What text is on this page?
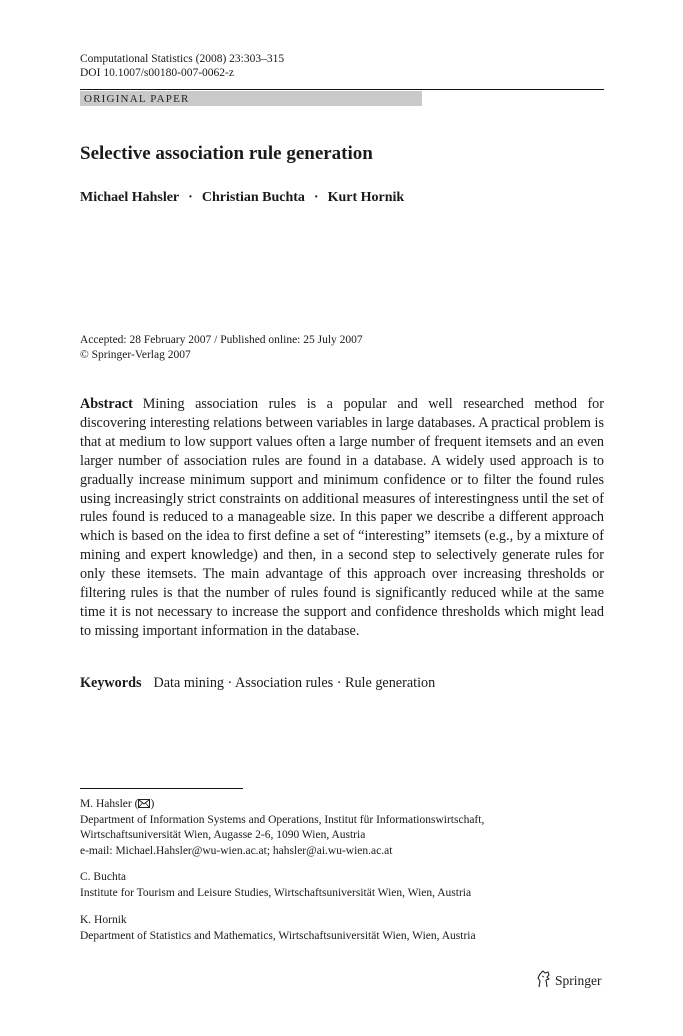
Computational Statistics (2008) 23:303–315
DOI 10.1007/s00180-007-0062-z
ORIGINAL PAPER
Selective association rule generation
Michael Hahsler · Christian Buchta · Kurt Hornik
Accepted: 28 February 2007 / Published online: 25 July 2007
© Springer-Verlag 2007
Abstract Mining association rules is a popular and well researched method for discovering interesting relations between variables in large databases. A practical problem is that at medium to low support values often a large number of frequent itemsets and an even larger number of association rules are found in a database. A widely used approach is to gradually increase minimum support and minimum confidence or to filter the found rules using increasingly strict constraints on additional measures of interestingness until the set of rules found is reduced to a manageable size. In this paper we describe a different approach which is based on the idea to first define a set of “interesting” itemsets (e.g., by a mixture of mining and expert knowledge) and then, in a second step to selectively generate rules for only these itemsets. The main advantage of this approach over increasing thresholds or filtering rules is that the number of rules found is significantly reduced while at the same time it is not necessary to increase the support and confidence thresholds which might lead to missing important information in the database.
Keywords Data mining · Association rules · Rule generation
M. Hahsler ( )
Department of Information Systems and Operations, Institut für Informationswirtschaft,
Wirtschaftsuniversität Wien, Augasse 2-6, 1090 Wien, Austria
e-mail: Michael.Hahsler@wu-wien.ac.at; hahsler@ai.wu-wien.ac.at
C. Buchta
Institute for Tourism and Leisure Studies, Wirtschaftsuniversität Wien, Wien, Austria
K. Hornik
Department of Statistics and Mathematics, Wirtschaftsuniversität Wien, Wien, Austria
Springer
